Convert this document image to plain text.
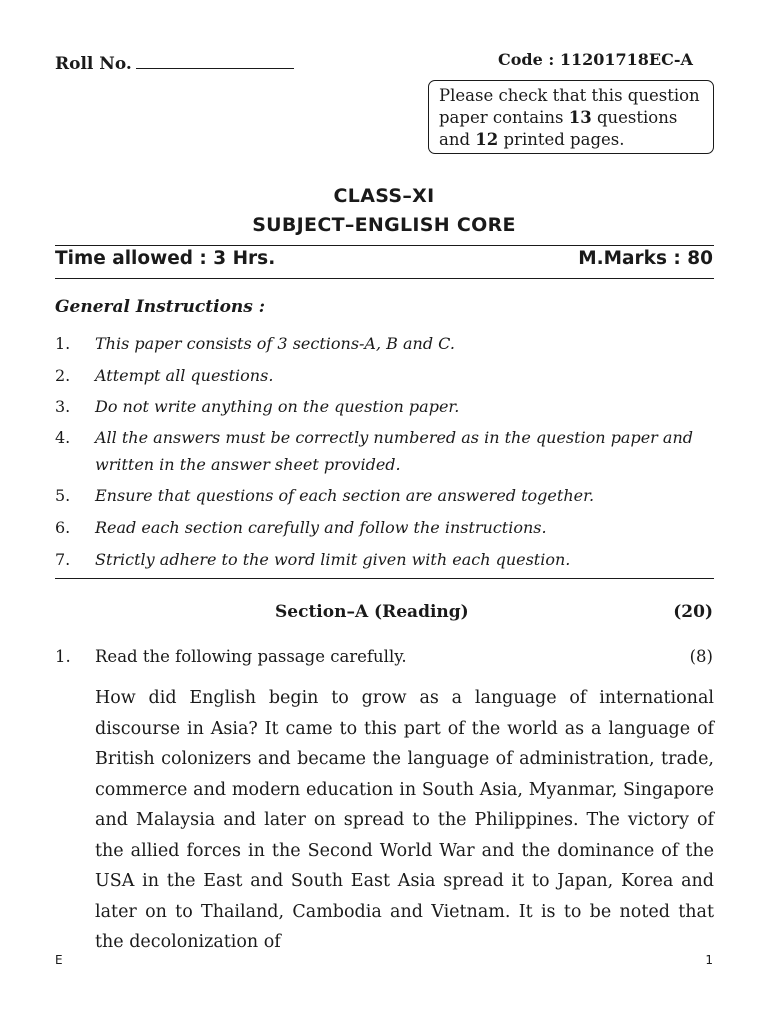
Roll No.	Code : 11201718EC-A
Please check that this question paper contains 13 questions and 12 printed pages.
CLASS–XI
SUBJECT–ENGLISH CORE
Time allowed : 3 Hrs.	M.Marks : 80
General Instructions :
1. This paper consists of 3 sections-A, B and C.
2. Attempt all questions.
3. Do not write anything on the question paper.
4. All the answers must be correctly numbered as in the question paper and written in the answer sheet provided.
5. Ensure that questions of each section are answered together.
6. Read each section carefully and follow the instructions.
7. Strictly adhere to the word limit given with each question.
Section–A (Reading)	(20)
1. Read the following passage carefully.	(8)
How did English begin to grow as a language of international discourse in Asia? It came to this part of the world as a language of British colonizers and became the language of administration, trade, commerce and modern education in South Asia, Myanmar, Singapore and Malaysia and later on spread to the Philippines. The victory of the allied forces in the Second World War and the dominance of the USA in the East and South East Asia spread it to Japan, Korea and later on to Thailand, Cambodia and Vietnam. It is to be noted that the decolonization of
E	1
